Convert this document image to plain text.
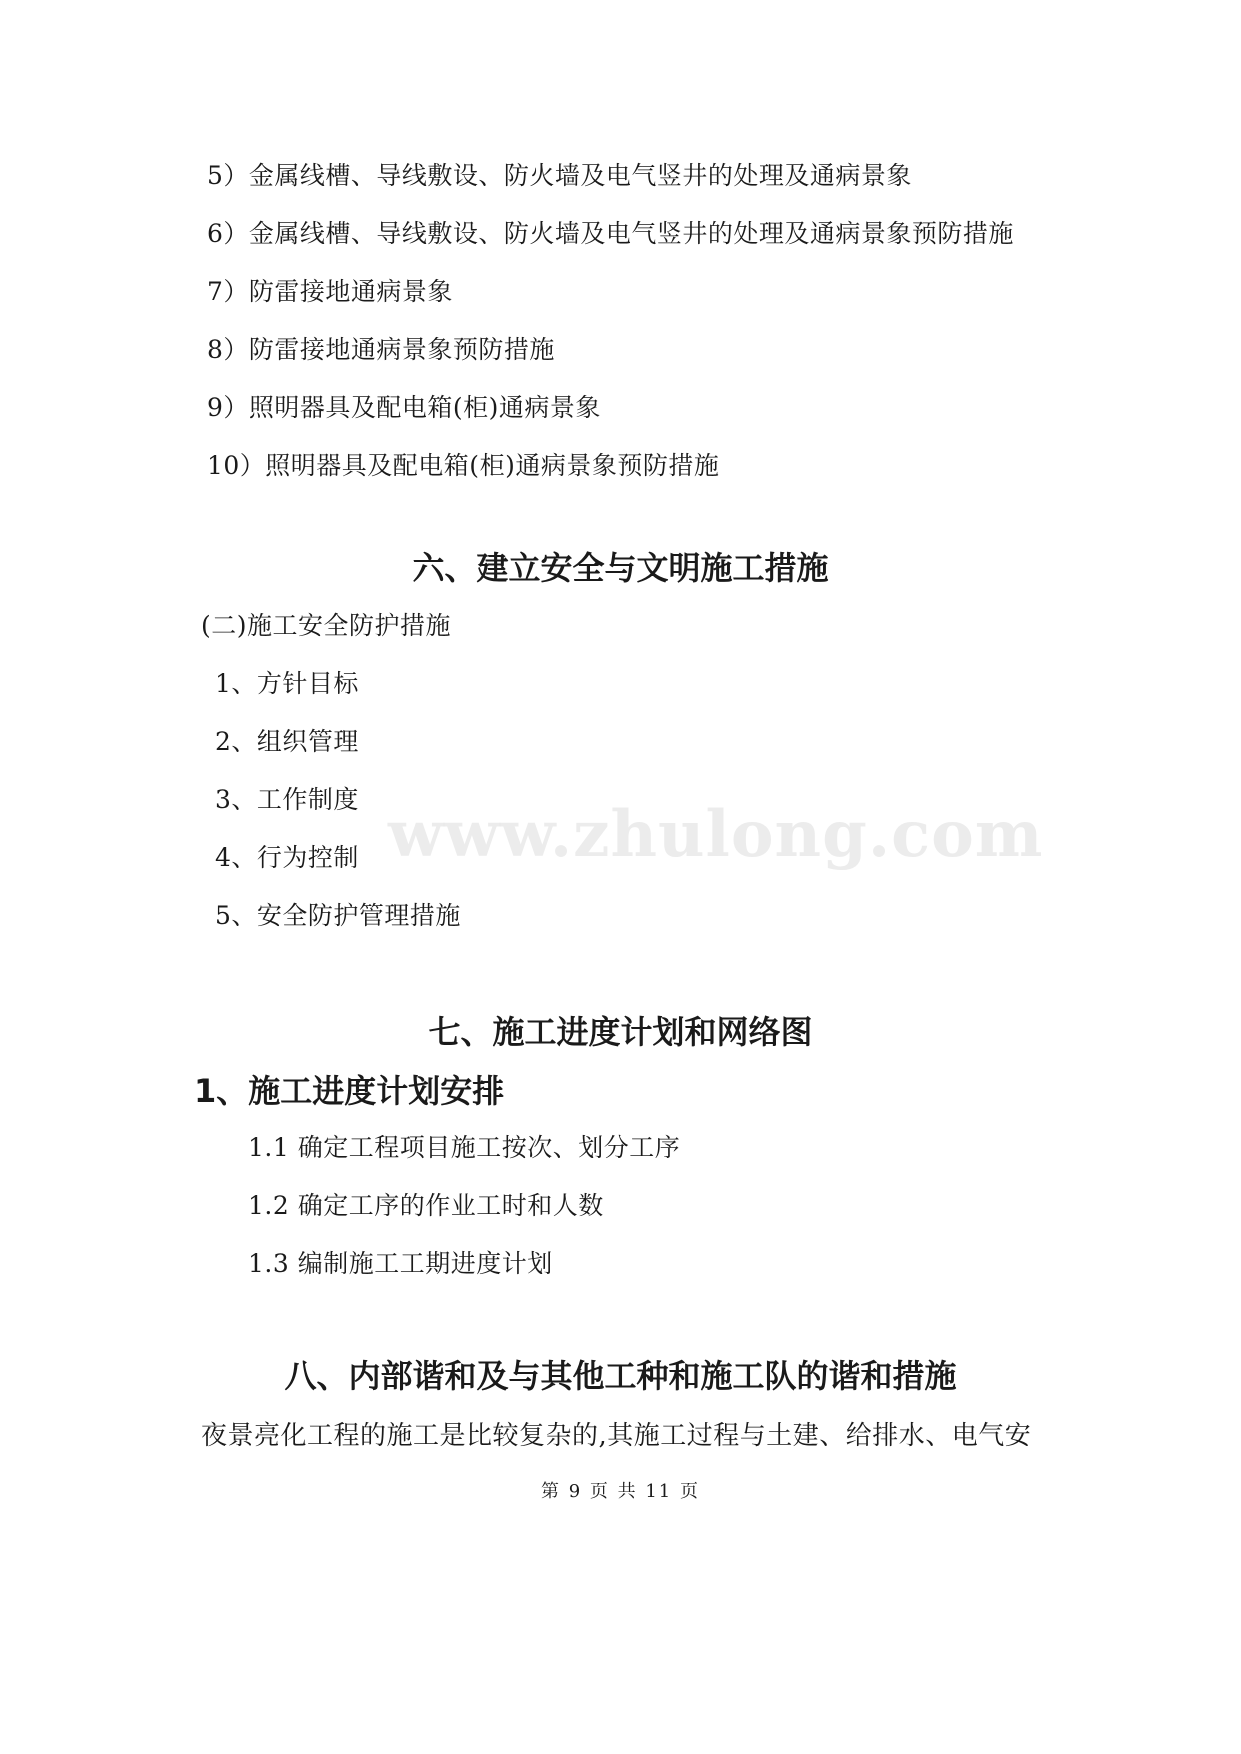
5）金属线槽、导线敷设、防火墙及电气竖井的处理及通病景象
6）金属线槽、导线敷设、防火墙及电气竖井的处理及通病景象预防措施
7）防雷接地通病景象
8）防雷接地通病景象预防措施
9）照明器具及配电箱(柜)通病景象
10）照明器具及配电箱(柜)通病景象预防措施
六、建立安全与文明施工措施
(二)施工安全防护措施
1、方针目标
2、组织管理
3、工作制度
4、行为控制
5、安全防护管理措施
www.zhulong.com
七、施工进度计划和网络图
1、施工进度计划安排
1.1 确定工程项目施工按次、划分工序
1.2 确定工序的作业工时和人数
1.3 编制施工工期进度计划
八、内部谐和及与其他工种和施工队的谐和措施
夜景亮化工程的施工是比较复杂的,其施工过程与土建、给排水、电气安
第 9 页 共 11 页
